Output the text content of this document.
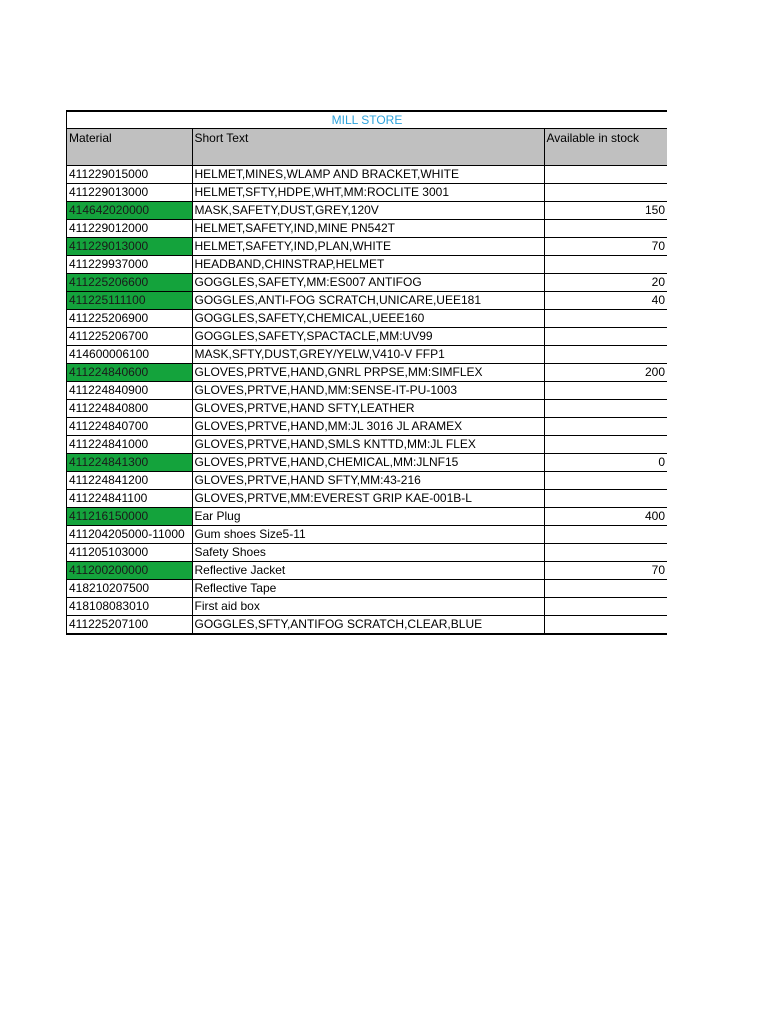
MILL STORE
Material	Short Text	Available in stock
411229015000	HELMET,MINES,WLAMP AND BRACKET,WHITE	
411229013000	HELMET,SFTY,HDPE,WHT,MM:ROCLITE 3001	
414642020000	MASK,SAFETY,DUST,GREY,120V	150
411229012000	HELMET,SAFETY,IND,MINE PN542T	
411229013000	HELMET,SAFETY,IND,PLAN,WHITE	70
411229937000	HEADBAND,CHINSTRAP,HELMET	
411225206600	GOGGLES,SAFETY,MM:ES007 ANTIFOG	20
411225111100	GOGGLES,ANTI-FOG SCRATCH,UNICARE,UEE181	40
411225206900	GOGGLES,SAFETY,CHEMICAL,UEEE160	
411225206700	GOGGLES,SAFETY,SPACTACLE,MM:UV99	
414600006100	MASK,SFTY,DUST,GREY/YELW,V410-V FFP1	
411224840600	GLOVES,PRTVE,HAND,GNRL PRPSE,MM:SIMFLEX	200
411224840900	GLOVES,PRTVE,HAND,MM:SENSE-IT-PU-1003	
411224840800	GLOVES,PRTVE,HAND SFTY,LEATHER	
411224840700	GLOVES,PRTVE,HAND,MM:JL 3016 JL ARAMEX	
411224841000	GLOVES,PRTVE,HAND,SMLS KNTTD,MM:JL FLEX	
411224841300	GLOVES,PRTVE,HAND,CHEMICAL,MM:JLNF15	0
411224841200	GLOVES,PRTVE,HAND SFTY,MM:43-216	
411224841100	GLOVES,PRTVE,MM:EVEREST GRIP KAE-001B-L	
411216150000	Ear Plug	400
411204205000-11000	Gum shoes Size5-11	
411205103000	Safety Shoes	
411200200000	Reflective Jacket	70
418210207500	Reflective Tape	
418108083010	First aid box	
411225207100	GOGGLES,SFTY,ANTIFOG SCRATCH,CLEAR,BLUE	
